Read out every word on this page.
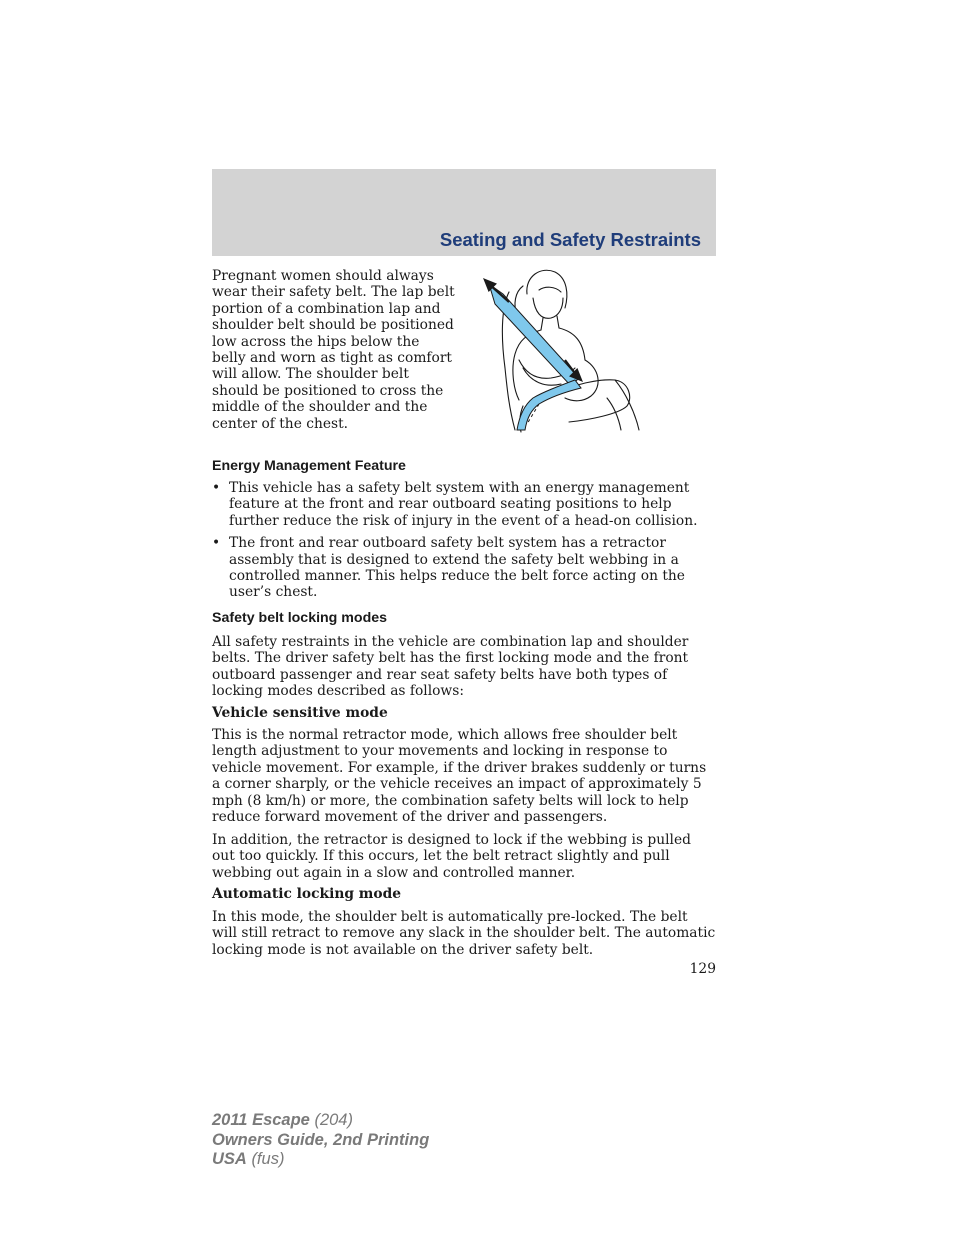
Seating and Safety Restraints

Pregnant women should always wear their safety belt. The lap belt portion of a combination lap and shoulder belt should be positioned low across the hips below the belly and worn as tight as comfort will allow. The shoulder belt should be positioned to cross the middle of the shoulder and the center of the chest.

Energy Management Feature
• This vehicle has a safety belt system with an energy management feature at the front and rear outboard seating positions to help further reduce the risk of injury in the event of a head-on collision.
• The front and rear outboard safety belt system has a retractor assembly that is designed to extend the safety belt webbing in a controlled manner. This helps reduce the belt force acting on the user’s chest.
Safety belt locking modes

All safety restraints in the vehicle are combination lap and shoulder belts. The driver safety belt has the first locking mode and the front outboard passenger and rear seat safety belts have both types of locking modes described as follows:

Vehicle sensitive mode

This is the normal retractor mode, which allows free shoulder belt length adjustment to your movements and locking in response to vehicle movement. For example, if the driver brakes suddenly or turns a corner sharply, or the vehicle receives an impact of approximately 5 mph (8 km/h) or more, the combination safety belts will lock to help reduce forward movement of the driver and passengers.

In addition, the retractor is designed to lock if the webbing is pulled out too quickly. If this occurs, let the belt retract slightly and pull webbing out again in a slow and controlled manner.

Automatic locking mode

In this mode, the shoulder belt is automatically pre-locked. The belt will still retract to remove any slack in the shoulder belt. The automatic locking mode is not available on the driver safety belt.

129

2011 Escape (204)
Owners Guide, 2nd Printing
USA (fus)
